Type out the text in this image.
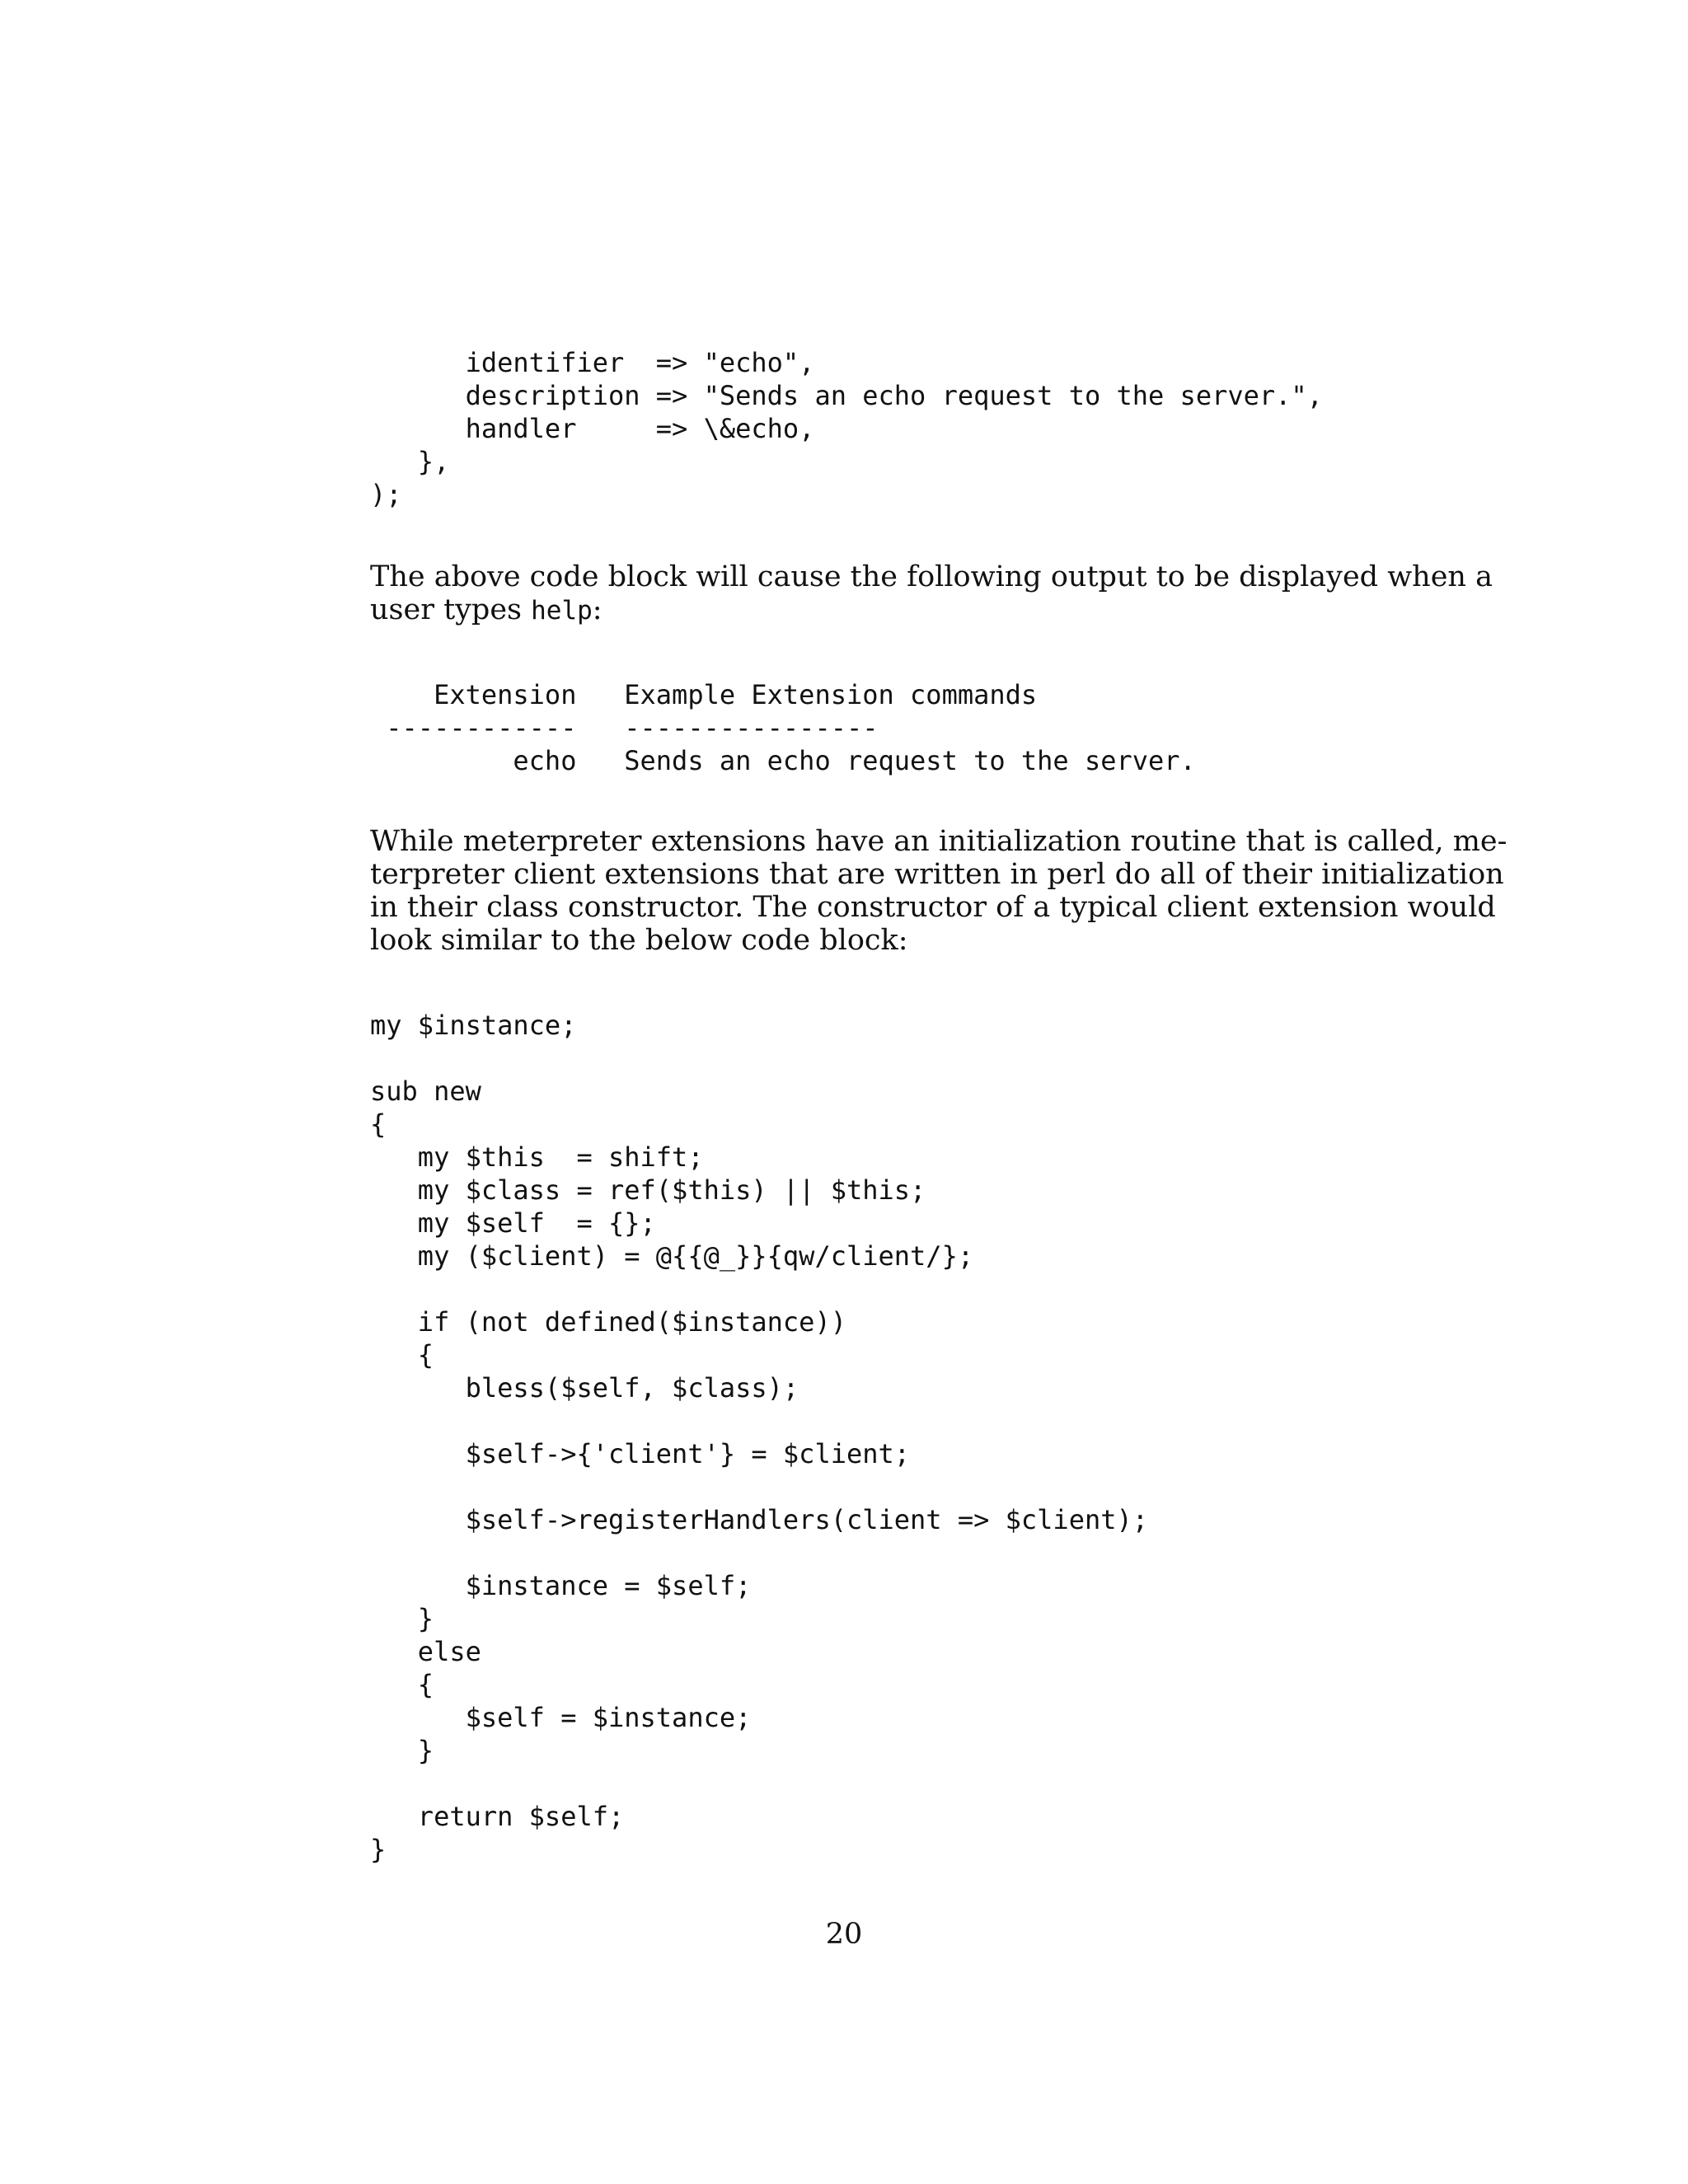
identifier  => "echo",
description => "Sends an echo request to the server.",
handler     => \&echo,
},
);

The above code block will cause the following output to be displayed when a
user types help:

Extension   Example Extension commands
------------   ----------------
echo   Sends an echo request to the server.

While meterpreter extensions have an initialization routine that is called, me-
terpreter client extensions that are written in perl do all of their initialization
in their class constructor. The constructor of a typical client extension would
look similar to the below code block:

my $instance;

sub new
{
my $this  = shift;
my $class = ref($this) || $this;
my $self  = {};
my ($client) = @{{@_}}{qw/client/};

if (not defined($instance))
{
bless($self, $class);

$self->{'client'} = $client;

$self->registerHandlers(client => $client);

$instance = $self;
}
else
{
$self = $instance;
}

return $self;
}
20
